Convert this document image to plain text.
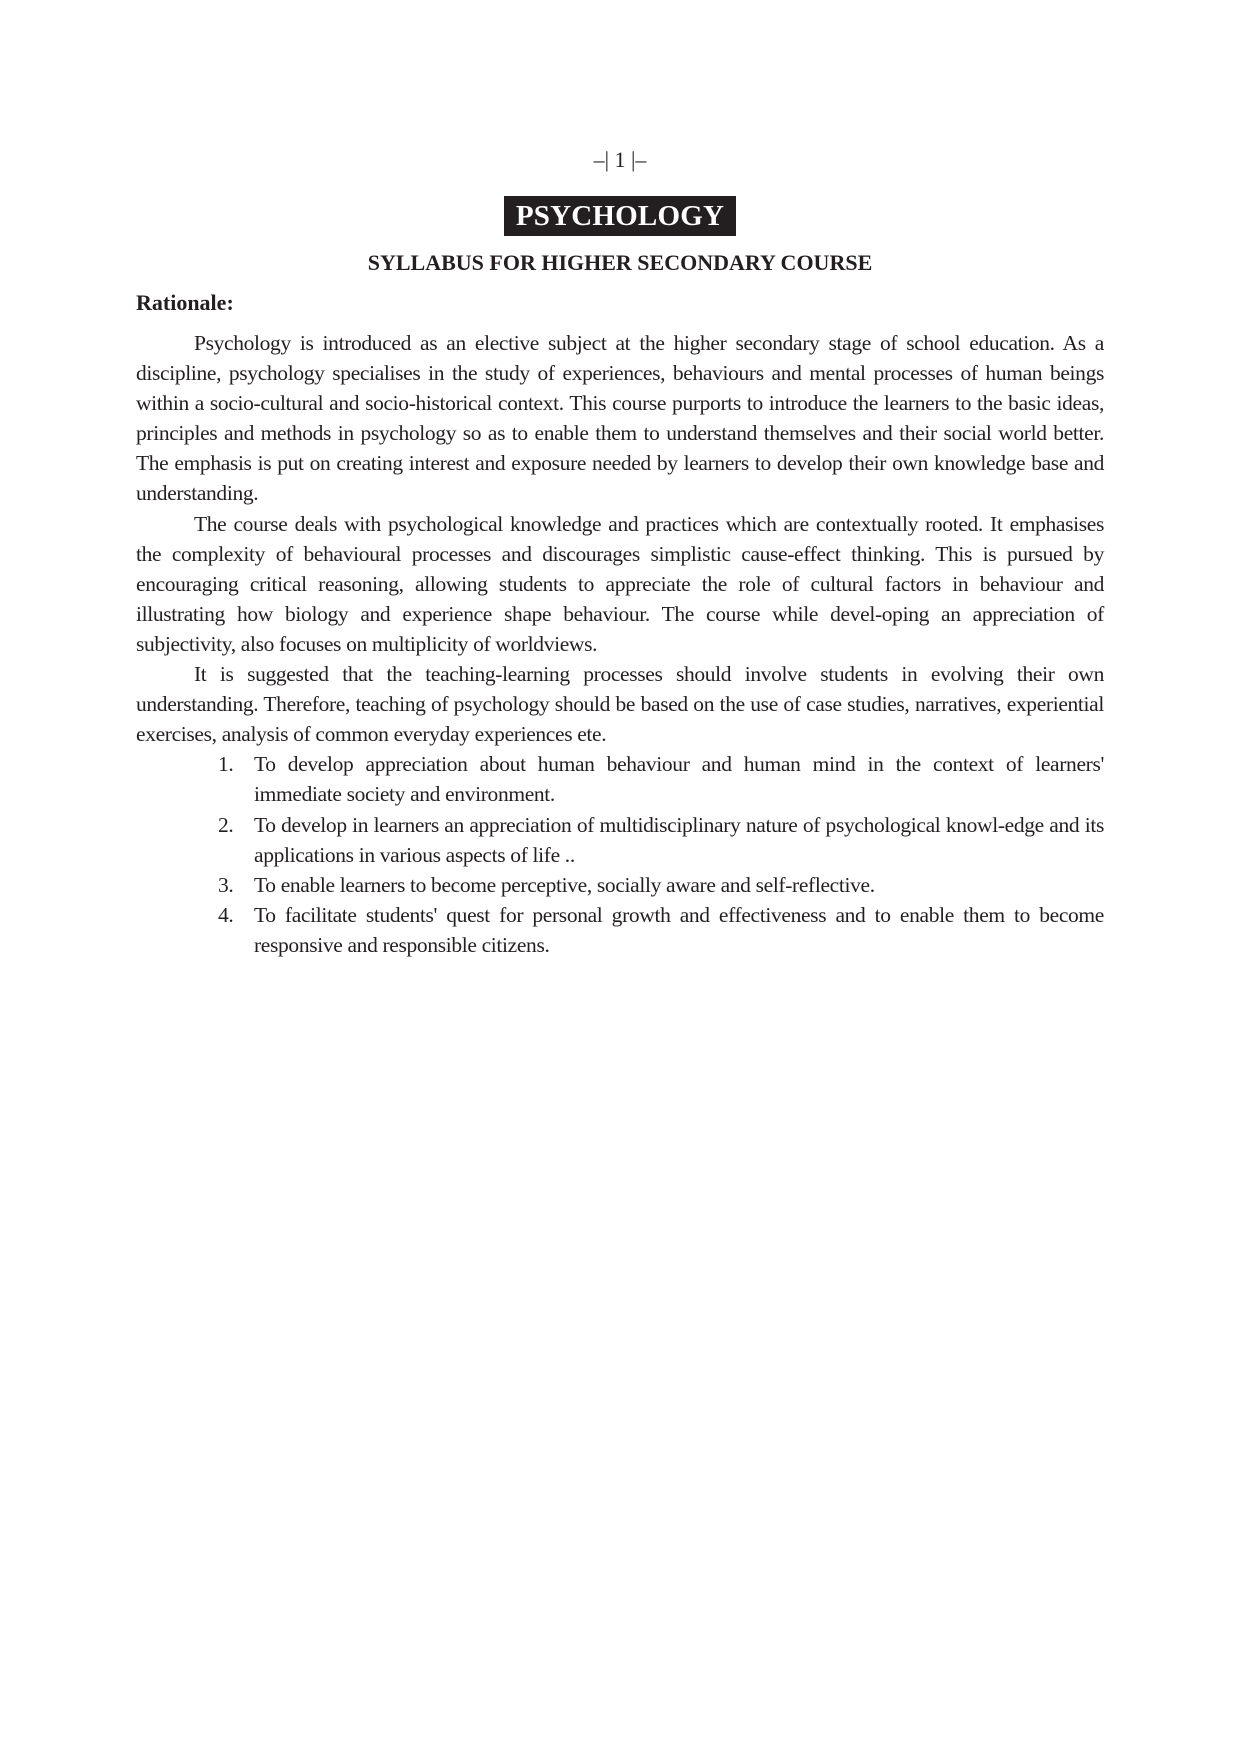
–| 1 |–
PSYCHOLOGY
SYLLABUS FOR HIGHER SECONDARY COURSE
Rationale:

Psychology is introduced as an elective subject at the higher secondary stage of school education. As a discipline, psychology specialises in the study of experiences, behaviours and mental processes of human beings within a socio-cultural and socio-historical context. This course purports to introduce the learners to the basic ideas, principles and methods in psychology so as to enable them to understand themselves and their social world better. The emphasis is put on creating interest and exposure needed by learners to develop their own knowledge base and understanding.

The course deals with psychological knowledge and practices which are contextually rooted. It emphasises the complexity of behavioural processes and discourages simplistic cause-effect thinking. This is pursued by encouraging critical reasoning, allowing students to appreciate the role of cultural factors in behaviour and illustrating how biology and experience shape behaviour. The course while devel-oping an appreciation of subjectivity, also focuses on multiplicity of worldviews.

It is suggested that the teaching-learning processes should involve students in evolving their own understanding. Therefore, teaching of psychology should be based on the use of case studies, narratives, experiential exercises, analysis of common everyday experiences ete.

1. To develop appreciation about human behaviour and human mind in the context of learners' immediate society and environment.
2. To develop in learners an appreciation of multidisciplinary nature of psychological knowl-edge and its applications in various aspects of life ..
3. To enable learners to become perceptive, socially aware and self-reflective.
4. To facilitate students' quest for personal growth and effectiveness and to enable them to become responsive and responsible citizens.
